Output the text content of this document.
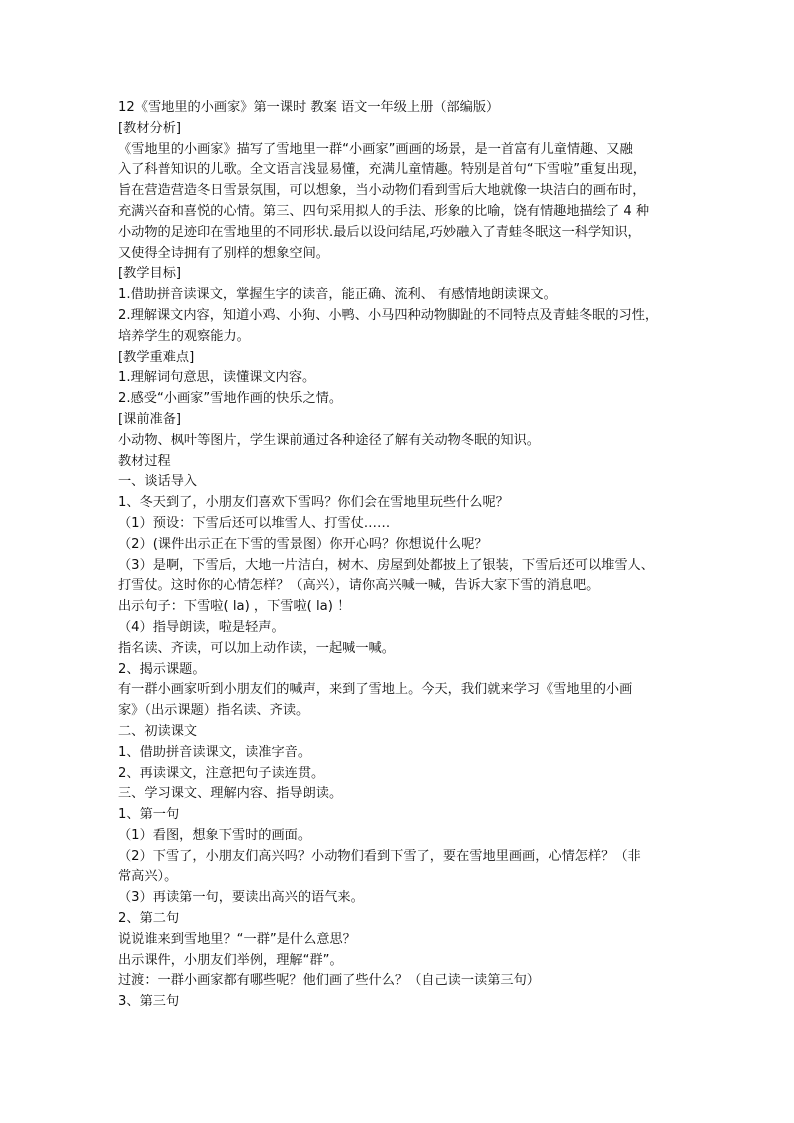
12《雪地里的小画家》第一课时 教案 语文一年级上册（部编版）
[教材分析]
《雪地里的小画家》描写了雪地里一群“小画家”画画的场景，是一首富有儿童情趣、又融
入了科普知识的儿歌。全文语言浅显易懂，充满儿童情趣。特别是首句“下雪啦”重复出现，
旨在营造营造冬日雪景氛围，可以想象，当小动物们看到雪后大地就像一块洁白的画布时，
充满兴奋和喜悦的心情。第三、四句采用拟人的手法、形象的比喻，饶有情趣地描绘了 4 种
小动物的足迹印在雪地里的不同形状.最后以设问结尾,巧妙融入了青蛙冬眠这一科学知识，
又使得全诗拥有了别样的想象空间。
[教学目标]
1.借助拼音读课文，掌握生字的读音，能正确、流利、 有感情地朗读课文。
2.理解课文内容，知道小鸡、小狗、小鸭、小马四种动物脚趾的不同特点及青蛙冬眠的习性，
培养学生的观察能力。
[教学重难点]
1.理解词句意思，读懂课文内容。
2.感受“小画家”雪地作画的快乐之情。
[课前准备]
小动物、枫叶等图片，学生课前通过各种途径了解有关动物冬眠的知识。
教材过程
一、谈话导入
1、冬天到了，小朋友们喜欢下雪吗？你们会在雪地里玩些什么呢？
（1）预设：下雪后还可以堆雪人、打雪仗……
（2）(课件出示正在下雪的雪景图）你开心吗？你想说什么呢？
（3）是啊，下雪后，大地一片洁白，树木、房屋到处都披上了银装，下雪后还可以堆雪人、
打雪仗。这时你的心情怎样？（高兴），请你高兴喊一喊，告诉大家下雪的消息吧。
出示句子：下雪啦( la) ，下雪啦( la) ！
（4）指导朗读，啦是轻声。
指名读、齐读，可以加上动作读，一起喊一喊。
2、揭示课题。
有一群小画家听到小朋友们的喊声，来到了雪地上。今天，我们就来学习《雪地里的小画
家》（出示课题）指名读、齐读。
二、初读课文
1、借助拼音读课文，读准字音。
2、再读课文，注意把句子读连贯。
三、学习课文、理解内容、指导朗读。
1、第一句
（1）看图，想象下雪时的画面。
（2）下雪了，小朋友们高兴吗？小动物们看到下雪了，要在雪地里画画，心情怎样？（非
常高兴）。
（3）再读第一句，要读出高兴的语气来。
2、第二句
说说谁来到雪地里？“一群”是什么意思？
出示课件，小朋友们举例，理解“群”。
过渡：一群小画家都有哪些呢？他们画了些什么？（自己读一读第三句）
3、第三句
